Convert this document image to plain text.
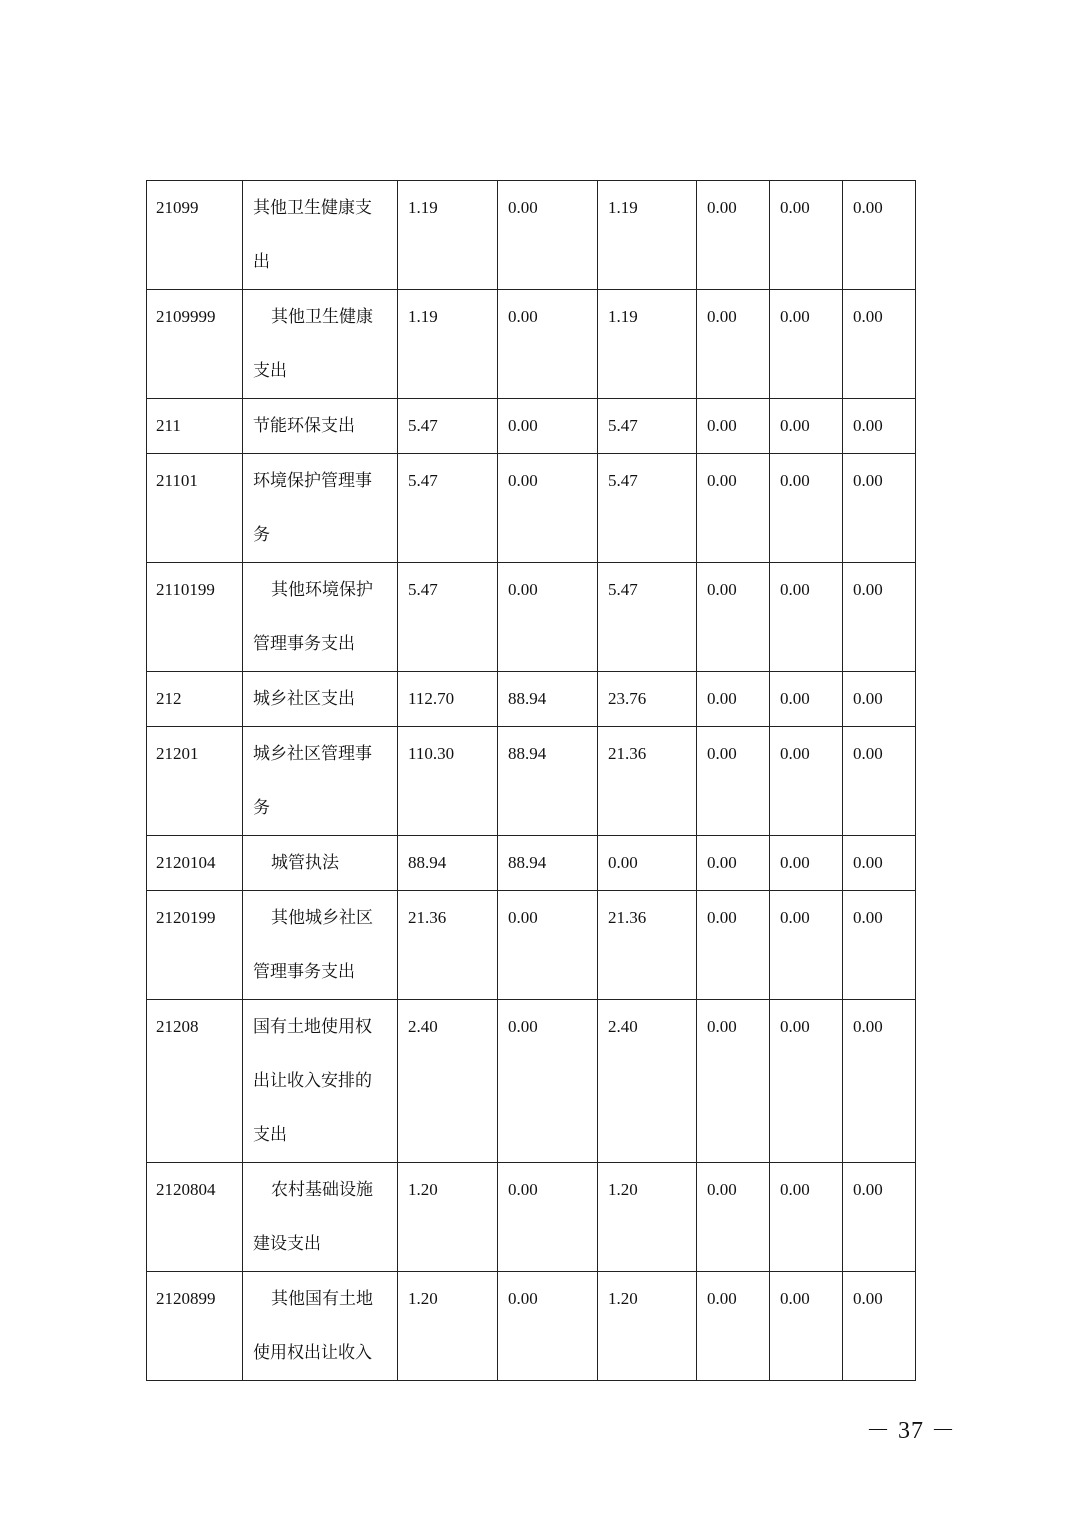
21099	其他卫生健康支出	1.19	0.00	1.19	0.00	0.00	0.00

2109999	其他卫生健康支出	1.19	0.00	1.19	0.00	0.00	0.00

211	节能环保支出	5.47	0.00	5.47	0.00	0.00	0.00

21101	环境保护管理事务	5.47	0.00	5.47	0.00	0.00	0.00

2110199	其他环境保护管理事务支出	5.47	0.00	5.47	0.00	0.00	0.00

212	城乡社区支出	112.70	88.94	23.76	0.00	0.00	0.00

21201	城乡社区管理事务	110.30	88.94	21.36	0.00	0.00	0.00

2120104	城管执法	88.94	88.94	0.00	0.00	0.00	0.00

2120199	其他城乡社区管理事务支出	21.36	0.00	21.36	0.00	0.00	0.00

21208	国有土地使用权出让收入安排的支出	2.40	0.00	2.40	0.00	0.00	0.00

2120804	农村基础设施建设支出	1.20	0.00	1.20	0.00	0.00	0.00

2120899	其他国有土地使用权出让收入	1.20	0.00	1.20	0.00	0.00	0.00
－ 37 －
